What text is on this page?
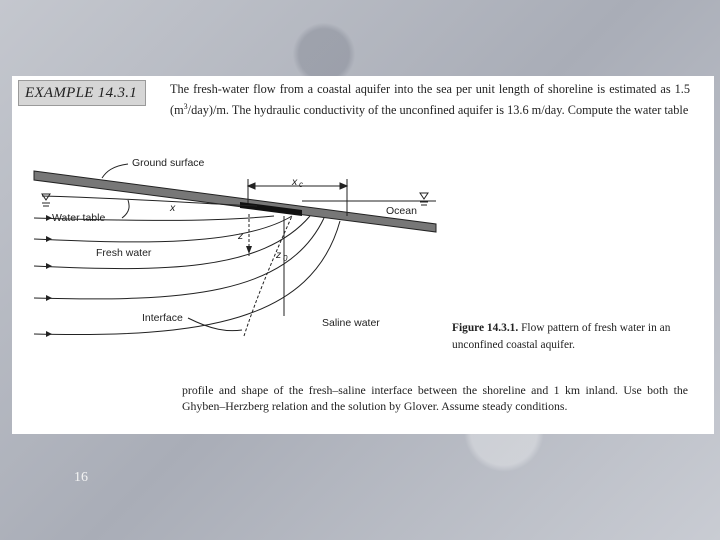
EXAMPLE 14.3.1	The fresh-water flow from a coastal aquifer into the sea per unit length of shoreline is estimated as 1.5 $(m^3/day)/m$. The hydraulic conductivity of the unconfined aquifer is 13.6 m/day. Compute the water table
Ground surface
Water table
Fresh water
Interface	Saline water
Ocean
x c
x
z
z 0
Figure 14.3.1. Flow pattern of fresh water in an unconfined coastal aquifer.
profile and shape of the fresh–saline interface between the shoreline and 1 km inland. Use both the Ghyben–Herzberg relation and the solution by Glover. Assume steady conditions.
16
